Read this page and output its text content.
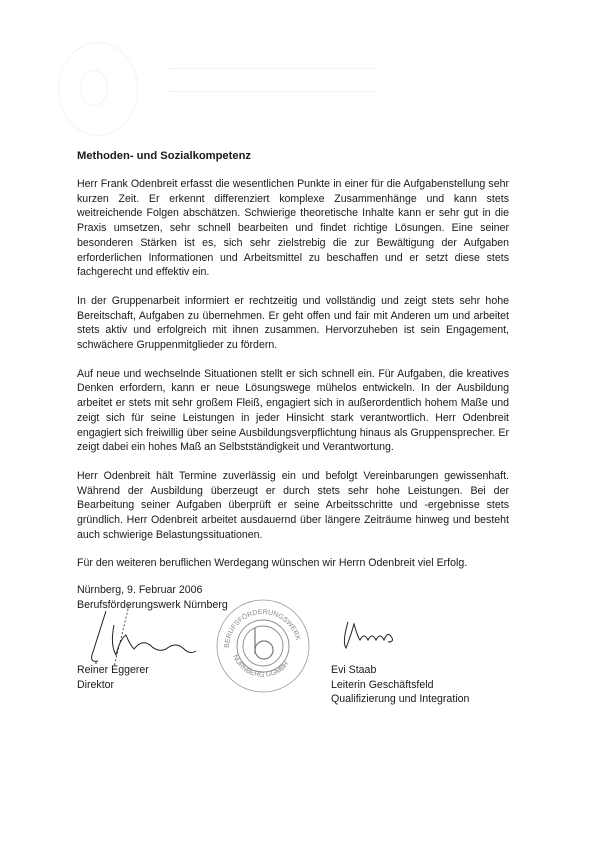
Methoden- und Sozialkompetenz

Herr Frank Odenbreit erfasst die wesentlichen Punkte in einer für die Aufgabenstellung sehr kurzen Zeit. Er erkennt differenziert komplexe Zusammenhänge und kann stets weitreichende Folgen abschätzen. Schwierige theoretische Inhalte kann er sehr gut in die Praxis umsetzen, sehr schnell bearbeiten und findet richtige Lösungen. Eine seiner besonderen Stärken ist es, sich sehr zielstrebig die zur Bewältigung der Aufgaben erforderlichen Informationen und Arbeitsmittel zu beschaffen und er setzt diese stets fachgerecht und effektiv ein.

In der Gruppenarbeit informiert er rechtzeitig und vollständig und zeigt stets sehr hohe Bereitschaft, Aufgaben zu übernehmen. Er geht offen und fair mit Anderen um und arbeitet stets aktiv und erfolgreich mit ihnen zusammen. Hervorzuheben ist sein Engagement, schwächere Gruppenmitglieder zu fördern.

Auf neue und wechselnde Situationen stellt er sich schnell ein. Für Aufgaben, die kreatives Denken erfordern, kann er neue Lösungswege mühelos entwickeln. In der Ausbildung arbeitet er stets mit sehr großem Fleiß, engagiert sich in außerordentlich hohem Maße und zeigt sich für seine Leistungen in jeder Hinsicht stark verantwortlich. Herr Odenbreit engagiert sich freiwillig über seine Ausbildungsverpflichtung hinaus als Gruppensprecher. Er zeigt dabei ein hohes Maß an Selbstständigkeit und Verantwortung.

Herr Odenbreit hält Termine zuverlässig ein und befolgt Vereinbarungen gewissenhaft. Während der Ausbildung überzeugt er durch stets sehr hohe Leistungen. Bei der Bearbeitung seiner Aufgaben überprüft er seine Arbeitsschritte und -ergebnisse stets gründlich. Herr Odenbreit arbeitet ausdauernd über längere Zeiträume hinweg und besteht auch schwierige Belastungssituationen.

Für den weiteren beruflichen Werdegang wünschen wir Herrn Odenbreit viel Erfolg.

Nürnberg, 9. Februar 2006

Berufsförderungswerk Nürnberg

BERUFSFÖRDERUNGSWERK
NÜRNBERG GGMBH
Reiner Eggerer
Direktor
Evi Staab
Leiterin Geschäftsfeld
Qualifizierung und Integration
